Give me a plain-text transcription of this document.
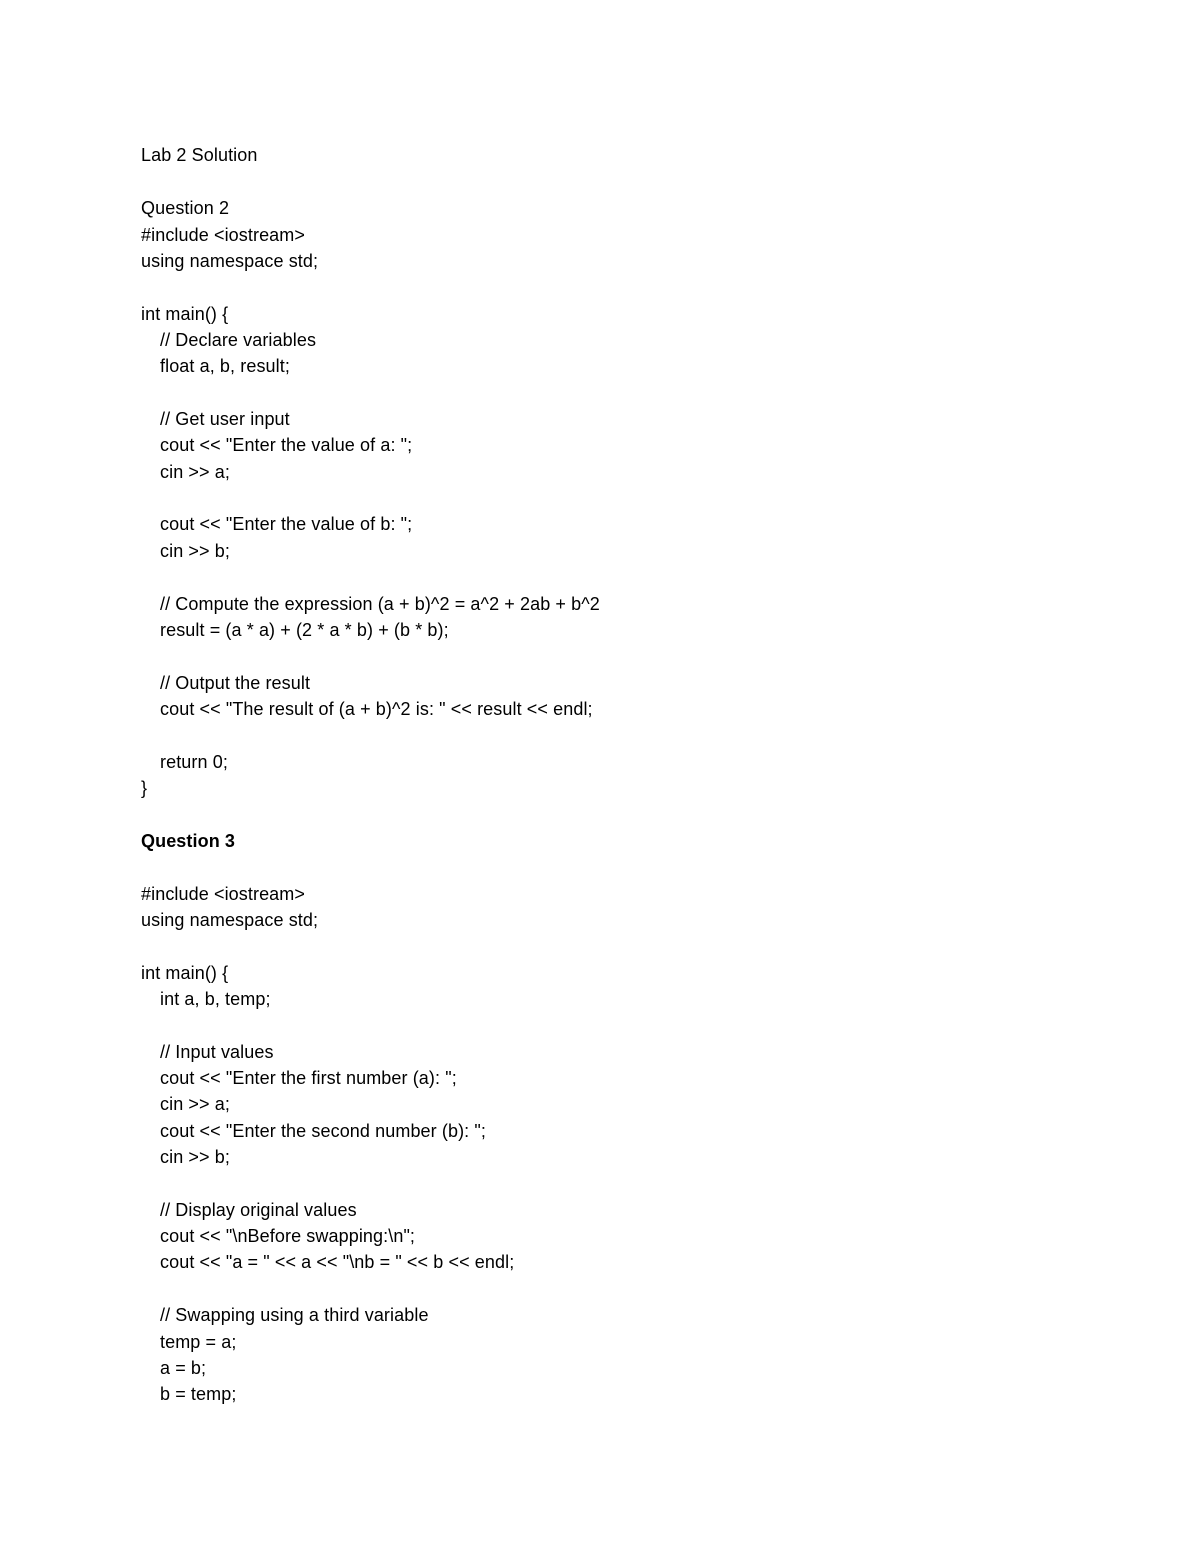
Lab 2 Solution
Question 2
#include <iostream>
using namespace std;
int main() {
// Declare variables
float a, b, result;
// Get user input
cout << "Enter the value of a: ";
cin >> a;
cout << "Enter the value of b: ";
cin >> b;
// Compute the expression (a + b)^2 = a^2 + 2ab + b^2
result = (a * a) + (2 * a * b) + (b * b);
// Output the result
cout << "The result of (a + b)^2 is: " << result << endl;
return 0;
}
Question 3
#include <iostream>
using namespace std;
int main() {
int a, b, temp;
// Input values
cout << "Enter the first number (a): ";
cin >> a;
cout << "Enter the second number (b): ";
cin >> b;
// Display original values
cout << "\nBefore swapping:\n";
cout << "a = " << a << "\nb = " << b << endl;
// Swapping using a third variable
temp = a;
a = b;
b = temp;
